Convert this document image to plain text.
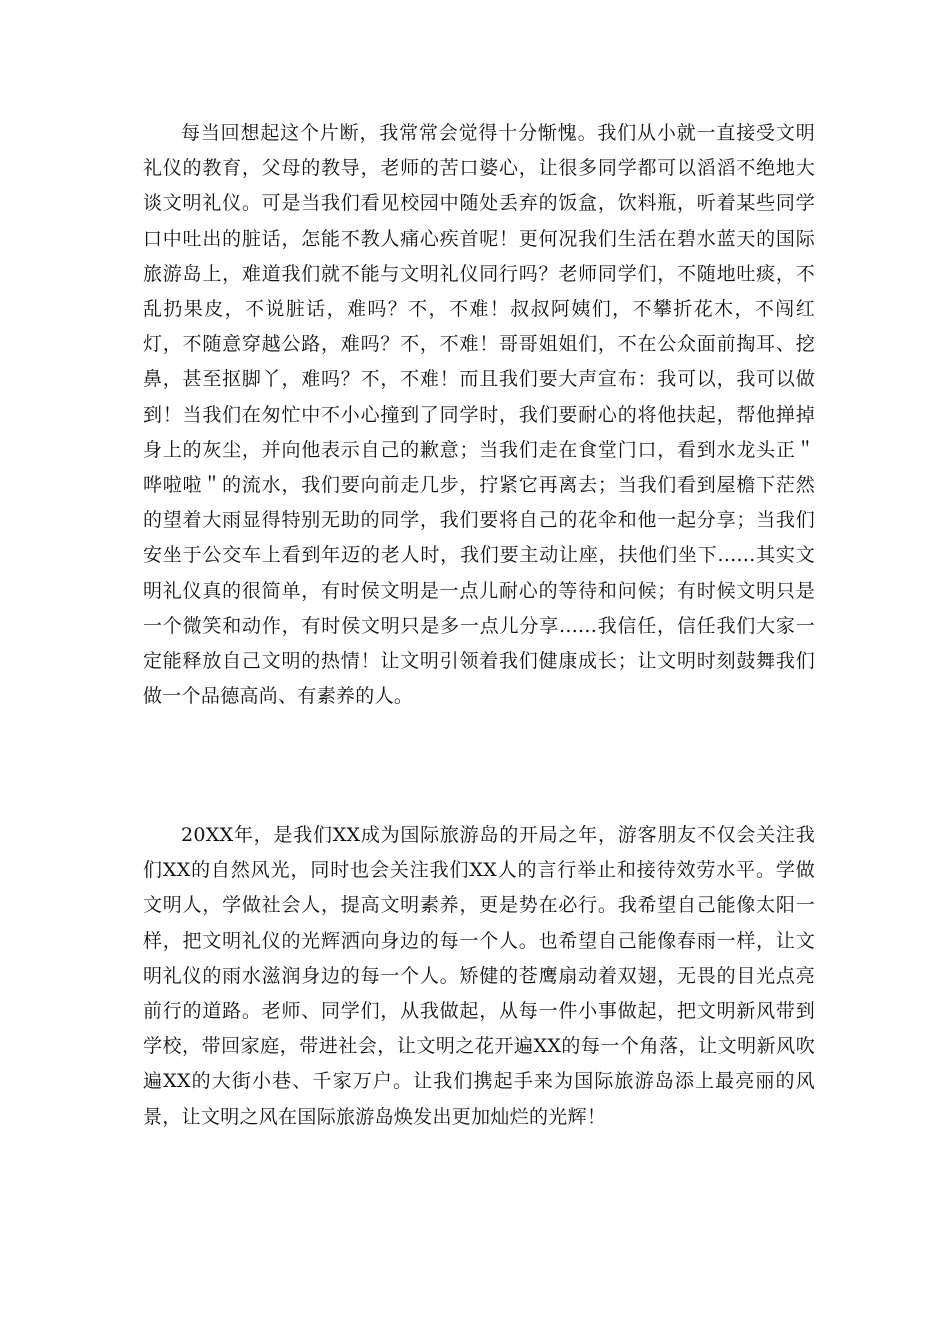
每当回想起这个片断，我常常会觉得十分惭愧。我们从小就一直接受文明礼仪的教育，父母的教导，老师的苦口婆心，让很多同学都可以滔滔不绝地大谈文明礼仪。可是当我们看见校园中随处丢弃的饭盒，饮料瓶，听着某些同学口中吐出的脏话，怎能不教人痛心疾首呢！更何况我们生活在碧水蓝天的国际旅游岛上，难道我们就不能与文明礼仪同行吗？老师同学们，不随地吐痰，不乱扔果皮，不说脏话，难吗？不，不难！叔叔阿姨们，不攀折花木，不闯红灯，不随意穿越公路，难吗？不，不难！哥哥姐姐们，不在公众面前掏耳、挖鼻，甚至抠脚丫，难吗？不，不难！而且我们要大声宣布：我可以，我可以做到！当我们在匆忙中不小心撞到了同学时，我们要耐心的将他扶起，帮他掸掉身上的灰尘，并向他表示自己的歉意；当我们走在食堂门口，看到水龙头正＂哗啦啦＂的流水，我们要向前走几步，拧紧它再离去；当我们看到屋檐下茫然的望着大雨显得特别无助的同学，我们要将自己的花伞和他一起分享；当我们安坐于公交车上看到年迈的老人时，我们要主动让座，扶他们坐下......其实文明礼仪真的很简单，有时侯文明是一点儿耐心的等待和问候；有时候文明只是一个微笑和动作，有时侯文明只是多一点儿分享......我信任，信任我们大家一定能释放自己文明的热情！让文明引领着我们健康成长；让文明时刻鼓舞我们做一个品德高尚、有素养的人。

20XX年，是我们XX成为国际旅游岛的开局之年，游客朋友不仅会关注我们XX的自然风光，同时也会关注我们XX人的言行举止和接待效劳水平。学做文明人，学做社会人，提高文明素养，更是势在必行。我希望自己能像太阳一样，把文明礼仪的光辉洒向身边的每一个人。也希望自己能像春雨一样，让文明礼仪的雨水滋润身边的每一个人。矫健的苍鹰扇动着双翅，无畏的目光点亮前行的道路。老师、同学们，从我做起，从每一件小事做起，把文明新风带到学校，带回家庭，带进社会，让文明之花开遍XX的每一个角落，让文明新风吹遍XX的大街小巷、千家万户。让我们携起手来为国际旅游岛添上最亮丽的风景，让文明之风在国际旅游岛焕发出更加灿烂的光辉！
